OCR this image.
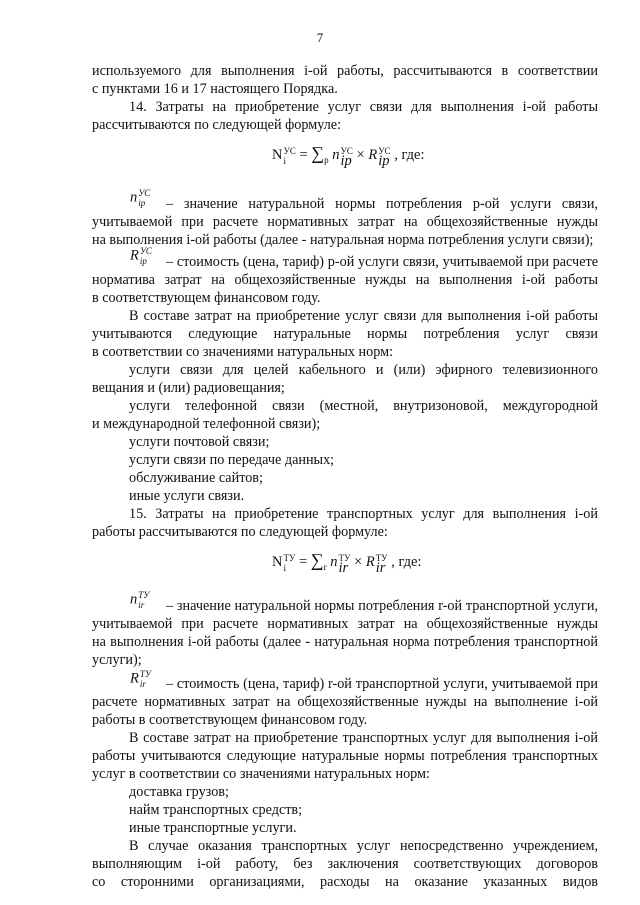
7
используемого для выполнения i-ой работы, рассчитываются в соответствии
с пунктами 16 и 17 настоящего Порядка.
14. Затраты на приобретение услуг связи для выполнения i-ой работы
рассчитываются по следующей формуле:
N УС
$i = \sum_p$ n УС
ip × R УС
ip , где:
n УС
ip	– значение натуральной нормы потребления p-ой услуги связи,
учитываемой при расчете нормативных затрат на общехозяйственные нужды
на выполнения i-ой работы (далее - натуральная норма потребления услуги связи);
R УС
ip	– стоимость (цена, тариф) p-ой услуги связи, учитываемой при расчете
норматива затрат на общехозяйственные нужды на выполнения i-ой работы
в соответствующем финансовом году.
В составе затрат на приобретение услуг связи для выполнения i-ой работы
учитываются следующие натуральные нормы потребления услуг связи
в соответствии со значениями натуральных норм:
услуги связи для целей кабельного и (или) эфирного телевизионного
вещания и (или) радиовещания;
услуги телефонной связи (местной, внутризоновой, междугородной
и международной телефонной связи);
услуги почтовой связи;
услуги связи по передаче данных;
обслуживание сайтов;
иные услуги связи.
15. Затраты на приобретение транспортных услуг для выполнения i-ой
работы рассчитываются по следующей формуле:
N ТУ
$i = \sum_r$ n ТУ
ir × R ТУ
ir , где:
n ТУ
ir	– значение натуральной нормы потребления r-ой транспортной услуги,
учитываемой при расчете нормативных затрат на общехозяйственные нужды
на выполнения i-ой работы (далее - натуральная норма потребления транспортной
услуги);
R ТУ
ir	– стоимость (цена, тариф) r-ой транспортной услуги, учитываемой при
расчете нормативных затрат на общехозяйственные нужды на выполнение i-ой
работы в соответствующем финансовом году.
В составе затрат на приобретение транспортных услуг для выполнения i-ой
работы учитываются следующие натуральные нормы потребления транспортных
услуг в соответствии со значениями натуральных норм:
доставка грузов;
найм транспортных средств;
иные транспортные услуги.
В случае оказания транспортных услуг непосредственно учреждением,
выполняющим i-ой работу, без заключения соответствующих договоров
со сторонними организациями, расходы на оказание указанных видов
